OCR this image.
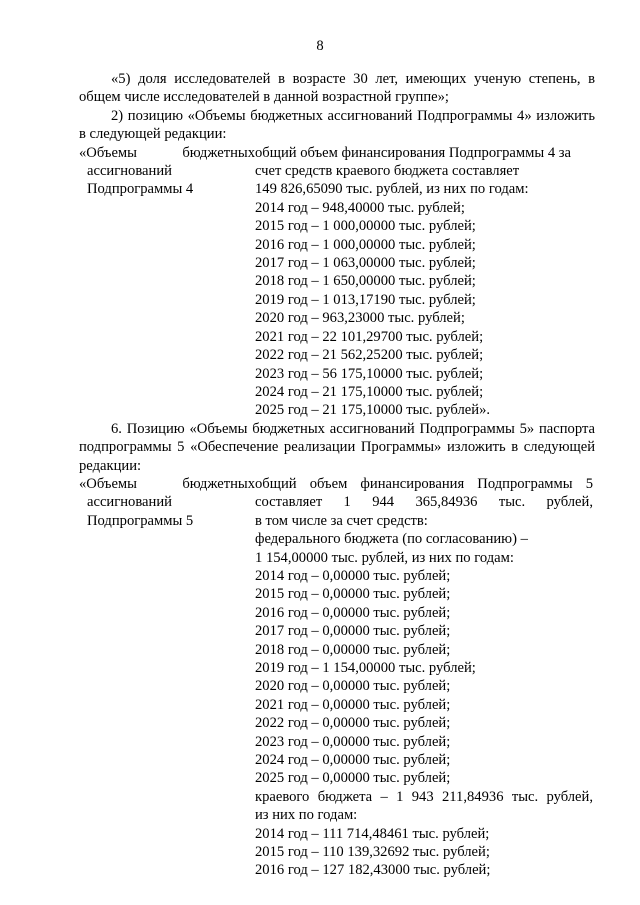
8

«5) доля исследователей в возрасте 30 лет, имеющих ученую степень, в общем числе исследователей в данной возрастной группе»;

2) позицию «Объемы бюджетных ассигнований Подпрограммы 4» изложить в следующей редакции:

«Объемы бюджетных
ассигнований
Подпрограммы 4
общий объем финансирования Подпрограммы 4 за
счет средств краевого бюджета составляет
149 826,65090 тыс. рублей, из них по годам:
2014 год – 948,40000 тыс. рублей;
2015 год – 1 000,00000 тыс. рублей;
2016 год – 1 000,00000 тыс. рублей;
2017 год – 1 063,00000 тыс. рублей;
2018 год – 1 650,00000 тыс. рублей;
2019 год – 1 013,17190 тыс. рублей;
2020 год – 963,23000 тыс. рублей;
2021 год – 22 101,29700 тыс. рублей;
2022 год – 21 562,25200 тыс. рублей;
2023 год – 56 175,10000 тыс. рублей;
2024 год – 21 175,10000 тыс. рублей;
2025 год – 21 175,10000 тыс. рублей».

6. Позицию «Объемы бюджетных ассигнований Подпрограммы 5» паспорта подпрограммы 5 «Обеспечение реализации Программы» изложить в следующей редакции:

«Объемы бюджетных
ассигнований
Подпрограммы 5
общий объем финансирования Подпрограммы 5
составляет 1 944 365,84936 тыс. рублей,
в том числе за счет средств:
федерального бюджета (по согласованию) –
1 154,00000 тыс. рублей, из них по годам:
2014 год – 0,00000 тыс. рублей;
2015 год – 0,00000 тыс. рублей;
2016 год – 0,00000 тыс. рублей;
2017 год – 0,00000 тыс. рублей;
2018 год – 0,00000 тыс. рублей;
2019 год – 1 154,00000 тыс. рублей;
2020 год – 0,00000 тыс. рублей;
2021 год – 0,00000 тыс. рублей;
2022 год – 0,00000 тыс. рублей;
2023 год – 0,00000 тыс. рублей;
2024 год – 0,00000 тыс. рублей;
2025 год – 0,00000 тыс. рублей;
краевого бюджета – 1 943 211,84936 тыс. рублей,
из них по годам:
2014 год – 111 714,48461 тыс. рублей;
2015 год – 110 139,32692 тыс. рублей;
2016 год – 127 182,43000 тыс. рублей;
